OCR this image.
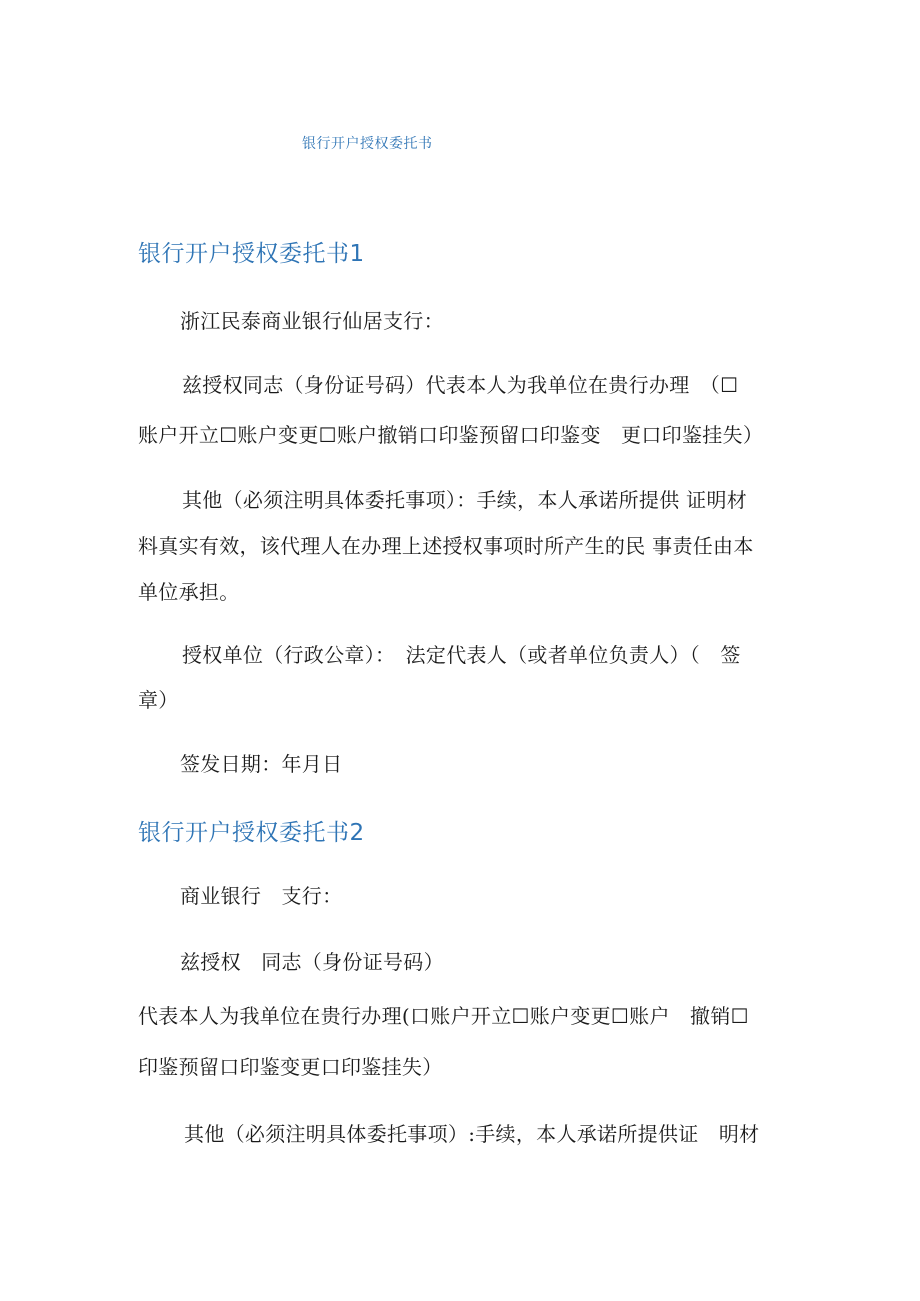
银行开户授权委托书
银行开户授权委托书1
浙江民泰商业银行仙居支行：
兹授权同志（身份证号码）代表本人为我单位在贵行办理　（☐
账户开立☐账户变更☐账户撤销口印鉴预留口印鉴变　更口印鉴挂失）
其他（必须注明具体委托事项）：手续，本人承诺所提供 证明材
料真实有效，该代理人在办理上述授权事项时所产生的民 事责任由本
单位承担。
授权单位（行政公章）：　法定代表人（或者单位负责人）（　签
章）
签发日期：年月日
银行开户授权委托书2
商业银行　支行：
兹授权　同志（身份证号码）
代表本人为我单位在贵行办理(口账户开立☐账户变更☐账户　撤销☐
印鉴预留口印鉴变更口印鉴挂失）
其他（必须注明具体委托事项）:手续，本人承诺所提供证　明材
